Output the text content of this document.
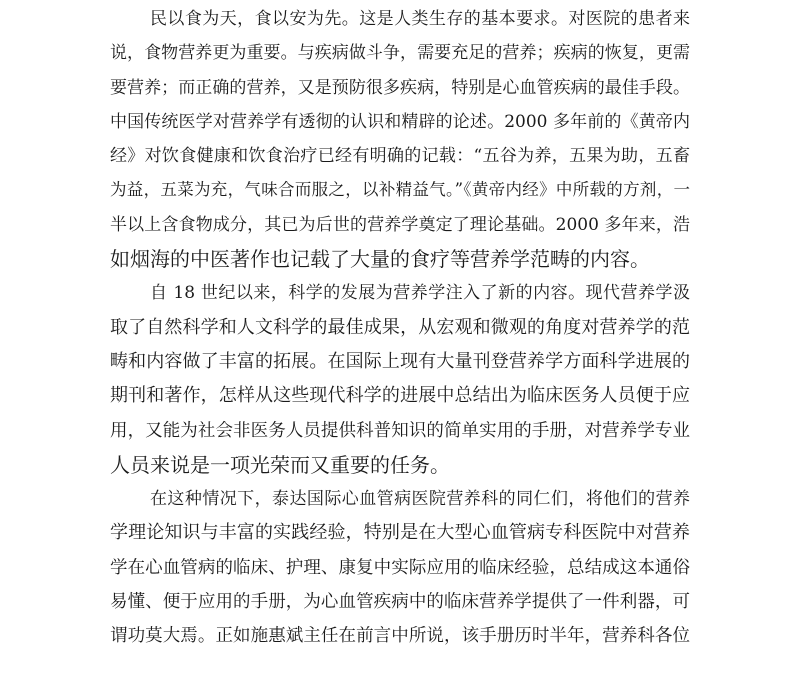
民以食为天，食以安为先。这是人类生存的基本要求。对医院的患者来
说，食物营养更为重要。与疾病做斗争，需要充足的营养；疾病的恢复，更需
要营养；而正确的营养，又是预防很多疾病，特别是心血管疾病的最佳手段。
中国传统医学对营养学有透彻的认识和精辟的论述。2000 多年前的《黄帝内
经》对饮食健康和饮食治疗已经有明确的记载：“五谷为养，五果为助，五畜
为益，五菜为充，气味合而服之，以补精益气。”《黄帝内经》中所载的方剂，一
半以上含食物成分，其已为后世的营养学奠定了理论基础。2000 多年来，浩
如烟海的中医著作也记载了大量的食疗等营养学范畴的内容。

自 18 世纪以来，科学的发展为营养学注入了新的内容。现代营养学汲
取了自然科学和人文科学的最佳成果，从宏观和微观的角度对营养学的范
畴和内容做了丰富的拓展。在国际上现有大量刊登营养学方面科学进展的
期刊和著作，怎样从这些现代科学的进展中总结出为临床医务人员便于应
用，又能为社会非医务人员提供科普知识的简单实用的手册，对营养学专业
人员来说是一项光荣而又重要的任务。

在这种情况下，泰达国际心血管病医院营养科的同仁们，将他们的营养
学理论知识与丰富的实践经验，特别是在大型心血管病专科医院中对营养
学在心血管病的临床、护理、康复中实际应用的临床经验，总结成这本通俗
易懂、便于应用的手册，为心血管疾病中的临床营养学提供了一件利器，可
谓功莫大焉。正如施惠斌主任在前言中所说，该手册历时半年，营养科各位
